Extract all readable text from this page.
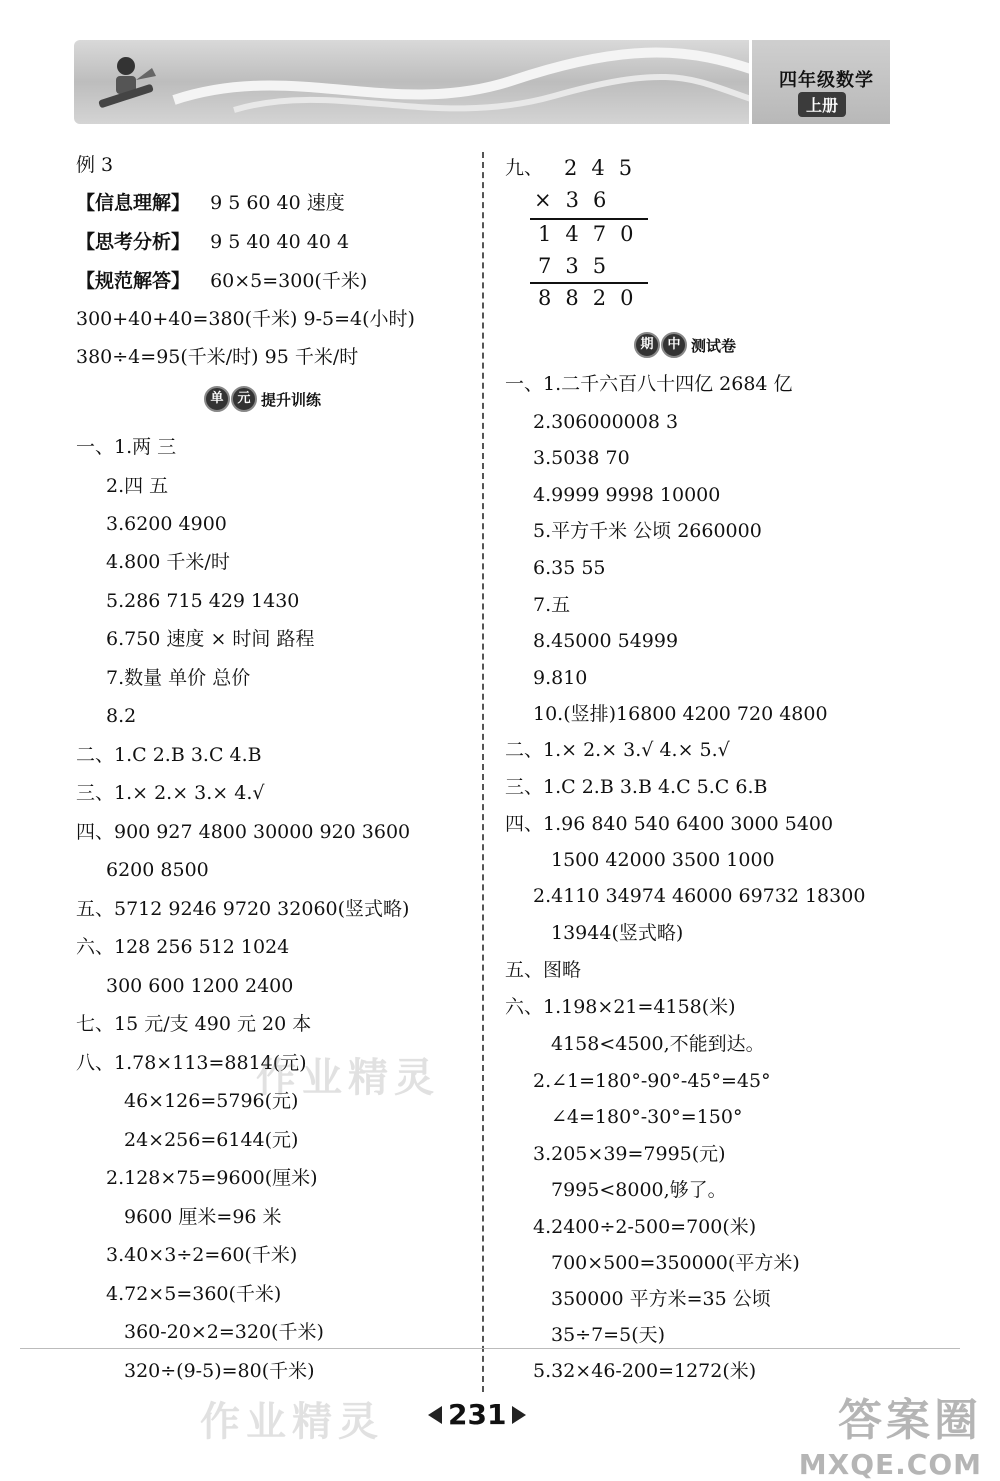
四年级数学
上册
例 3
【信息理解】 9 5 60 40 速度
【思考分析】 9 5 40 40 40 4
【规范解答】 60×5=300(千米)
300+40+40=380(千米) 9-5=4(小时)
380÷4=95(千米/时) 95 千米/时
单	元 提升训练
一、1.两 三
2.四 五
3.6200 4900
4.800 千米/时
5.286 715 429 1430
6.750 速度 × 时间 路程
7.数量 单价 总价
8.2
二、1.C 2.B 3.C 4.B
三、1.× 2.× 3.× 4.√
四、900 927 4800 30000 920 3600
6200 8500
五、5712 9246 9720 32060(竖式略)
六、128 256 512 1024
300 600 1200 2400
七、15 元/支 490 元 20 本
八、1.78×113=8814(元)
46×126=5796(元)
24×256=6144(元)
2.128×75=9600(厘米)
9600 厘米=96 米
3.40×3÷2=60(千米)
4.72×5=360(千米)
360-20×2=320(千米)
320÷(9-5)=80(千米)
九、 245
×36
1470
735
8820
期	中 测试卷
一、1.二千六百八十四亿 2684 亿
2.306000008 3
3.5038 70
4.9999 9998 10000
5.平方千米 公顷 2660000
6.35 55
7.五
8.45000 54999
9.810
10.(竖排)16800 4200 720 4800
二、1.× 2.× 3.√ 4.× 5.√
三、1.C 2.B 3.B 4.C 5.C 6.B
四、1.96 840 540 6400 3000 5400
1500 42000 3500 1000
2.4110 34974 46000 69732 18300
13944(竖式略)
五、图略
六、1.198×21=4158(米)
4158<4500,不能到达。
2.∠1=180°-90°-45°=45°
∠4=180°-30°=150°
3.205×39=7995(元)
7995<8000,够了。
4.2400÷2-500=700(米)
700×500=350000(平方米)
350000 平方米=35 公顷
35÷7=5(天)
5.32×46-200=1272(米)
作业精灵
作业精灵	答案圈
MXQE.COM
231
